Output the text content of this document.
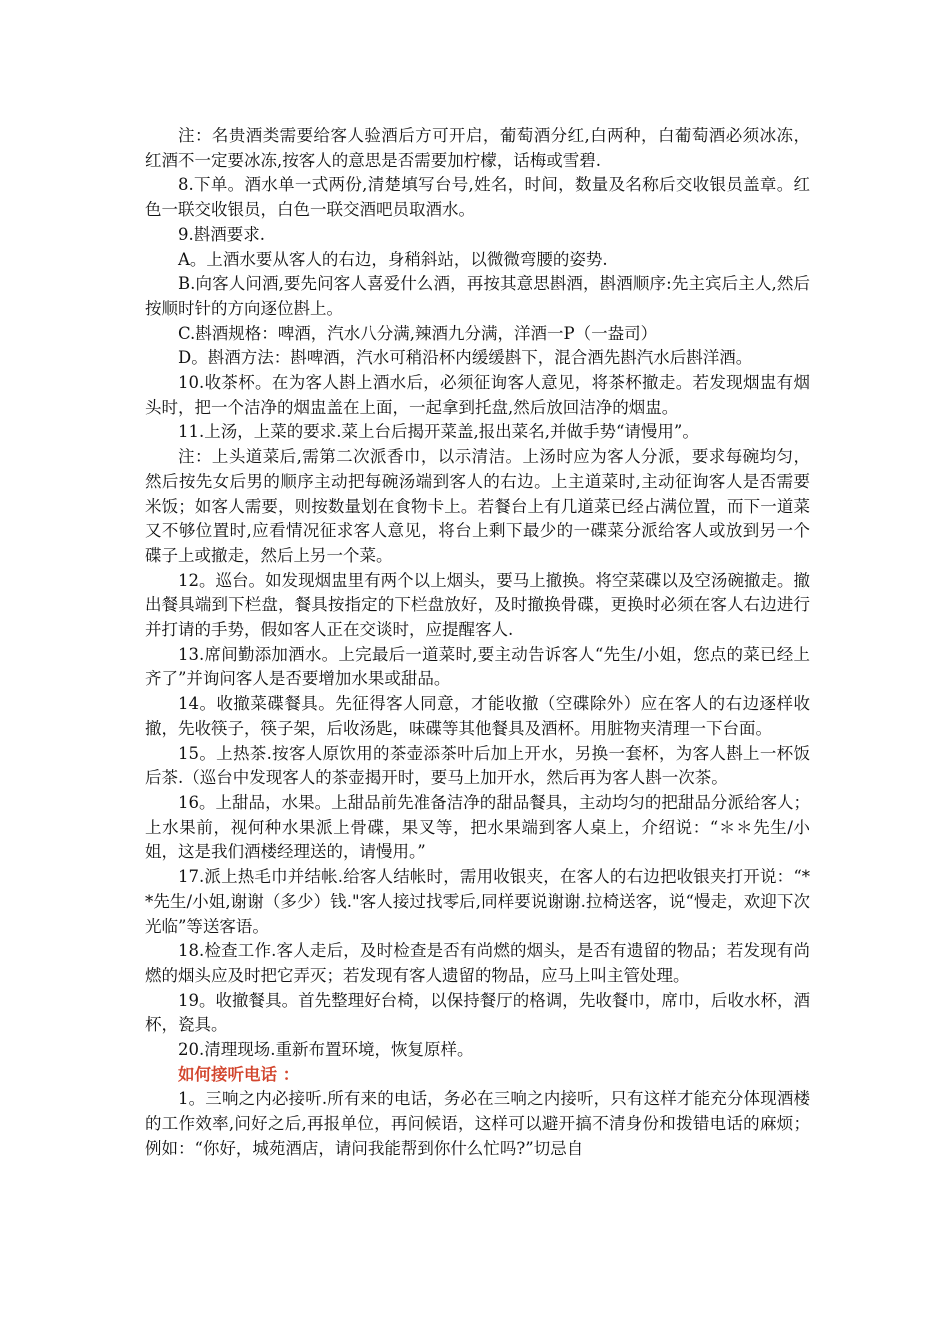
注：名贵酒类需要给客人验酒后方可开启，葡萄酒分红,白两种，白葡萄酒必须冰冻，红酒不一定要冰冻,按客人的意思是否需要加柠檬，话梅或雪碧.

8.下单。酒水单一式两份,清楚填写台号,姓名，时间，数量及名称后交收银员盖章。红色一联交收银员，白色一联交酒吧员取酒水。

9.斟酒要求.

A。上酒水要从客人的右边，身稍斜站，以微微弯腰的姿势.

B.向客人问酒,要先问客人喜爱什么酒，再按其意思斟酒，斟酒顺序:先主宾后主人,然后按顺时针的方向逐位斟上。

C.斟酒规格：啤酒，汽水八分满,辣酒九分满，洋酒一P（一盎司）

D。斟酒方法：斟啤酒，汽水可稍沿杯内缓缓斟下，混合酒先斟汽水后斟洋酒。

10.收茶杯。在为客人斟上酒水后，必须征询客人意见，将茶杯撤走。若发现烟盅有烟头时，把一个洁净的烟盅盖在上面，一起拿到托盘,然后放回洁净的烟盅。

11.上汤，上菜的要求.菜上台后揭开菜盖,报出菜名,并做手势“请慢用”。

注：上头道菜后,需第二次派香巾，以示清洁。上汤时应为客人分派，要求每碗均匀，然后按先女后男的顺序主动把每碗汤端到客人的右边。上主道菜时,主动征询客人是否需要米饭；如客人需要，则按数量划在食物卡上。若餐台上有几道菜已经占满位置，而下一道菜又不够位置时,应看情况征求客人意见，将台上剩下最少的一碟菜分派给客人或放到另一个碟子上或撤走，然后上另一个菜。

12。巡台。如发现烟盅里有两个以上烟头，要马上撤换。将空菜碟以及空汤碗撤走。撤出餐具端到下栏盘，餐具按指定的下栏盘放好，及时撤换骨碟，更换时必须在客人右边进行并打请的手势，假如客人正在交谈时，应提醒客人.

13.席间勤添加酒水。上完最后一道菜时,要主动告诉客人“先生/小姐，您点的菜已经上齐了”并询问客人是否要增加水果或甜品。

14。收撤菜碟餐具。先征得客人同意，才能收撤（空碟除外）应在客人的右边逐样收撤，先收筷子，筷子架，后收汤匙，味碟等其他餐具及酒杯。用脏物夹清理一下台面。

15。上热茶.按客人原饮用的茶壶添茶叶后加上开水，另换一套杯，为客人斟上一杯饭后茶.（巡台中发现客人的茶壶揭开时，要马上加开水，然后再为客人斟一次茶。

16。上甜品，水果。上甜品前先准备洁净的甜品餐具，主动均匀的把甜品分派给客人；上水果前，视何种水果派上骨碟，果叉等，把水果端到客人桌上，介绍说：“＊＊先生/小姐，这是我们酒楼经理送的，请慢用。”

17.派上热毛巾并结帐.给客人结帐时，需用收银夹，在客人的右边把收银夹打开说：“**先生/小姐,谢谢（多少）钱."客人接过找零后,同样要说谢谢.拉椅送客，说“慢走，欢迎下次光临”等送客语。

18.检查工作.客人走后，及时检查是否有尚燃的烟头，是否有遗留的物品；若发现有尚燃的烟头应及时把它弄灭；若发现有客人遗留的物品，应马上叫主管处理。

19。收撤餐具。首先整理好台椅，以保持餐厅的格调，先收餐巾，席巾，后收水杯，酒杯，瓷具。

20.清理现场.重新布置环境，恢复原样。

如何接听电话 ：

1。三响之内必接听.所有来的电话，务必在三响之内接听，只有这样才能充分体现酒楼的工作效率,问好之后,再报单位，再问候语，这样可以避开搞不清身份和拨错电话的麻烦；例如：“你好，城苑酒店，请问我能帮到你什么忙吗?”切忌自
